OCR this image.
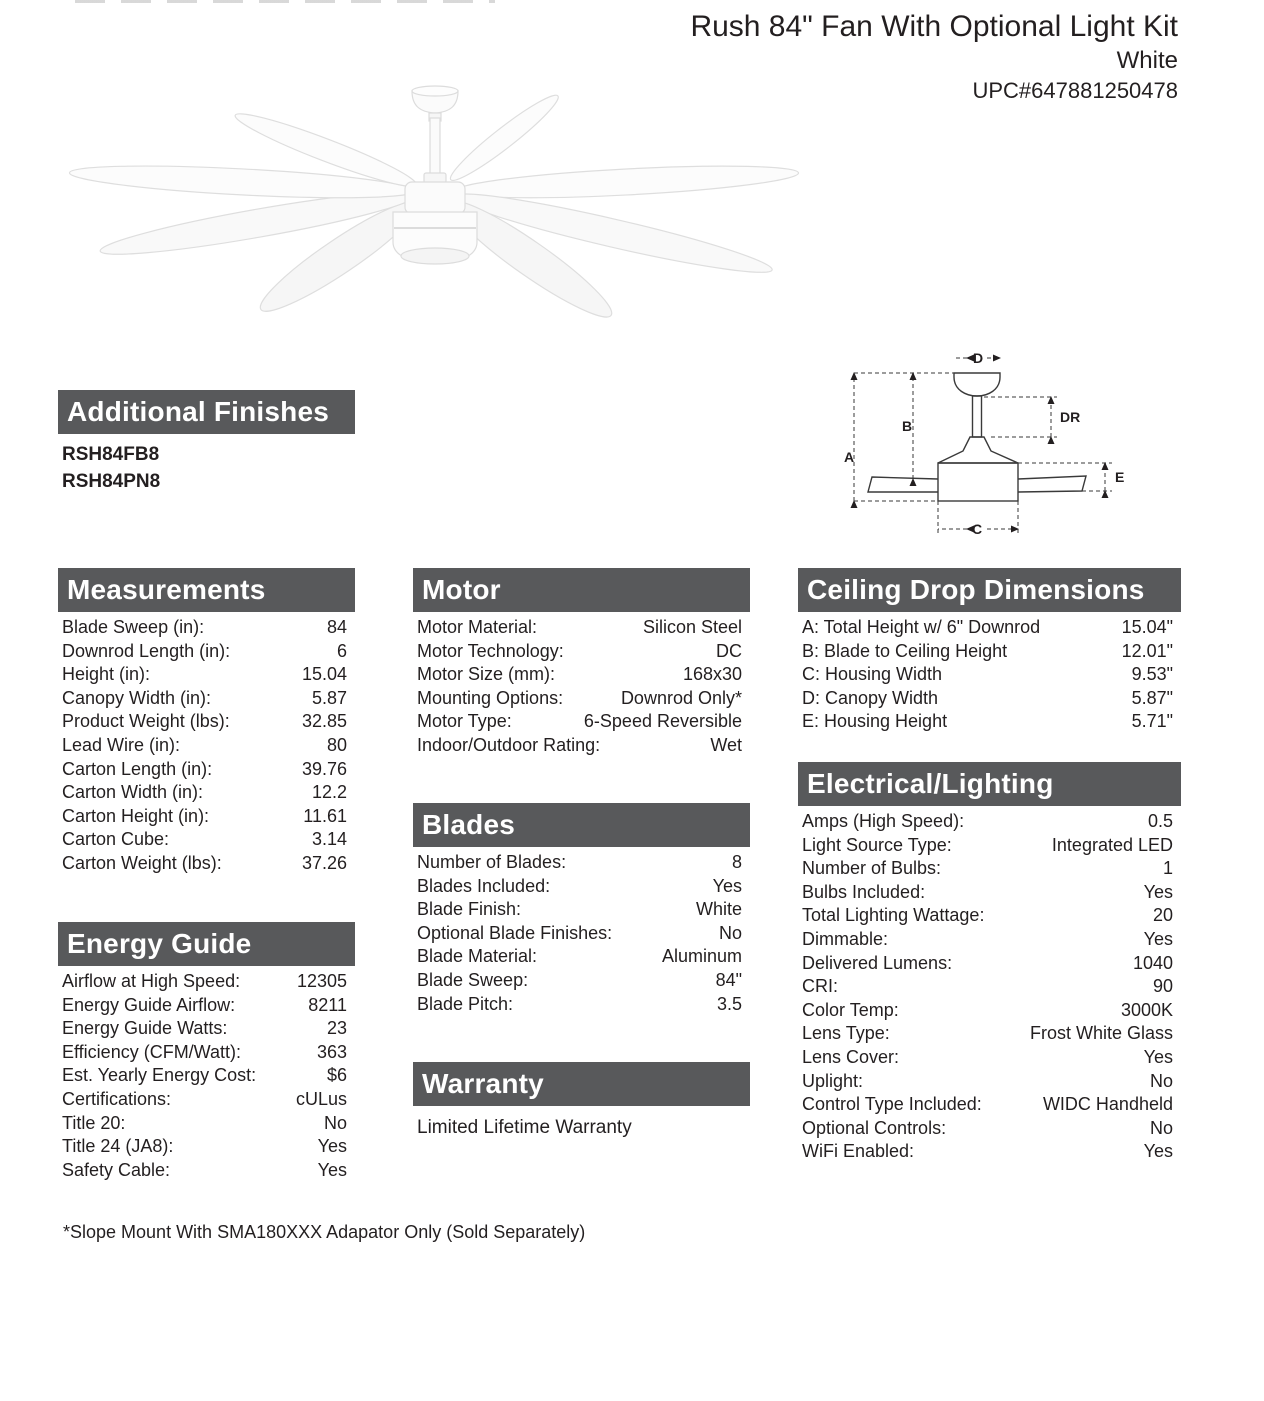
Rush 84" Fan With Optional Light Kit
White
UPC#647881250478
D
A
B
DR
E
C
Additional Finishes
RSH84FB8
RSH84PN8
Measurements
Blade Sweep (in):	84
Downrod Length (in):	6
Height (in):	15.04
Canopy Width (in):	5.87
Product Weight (lbs):	32.85
Lead Wire (in):	80
Carton Length (in):	39.76
Carton Width (in):	12.2
Carton Height (in):	11.61
Carton Cube:	3.14
Carton Weight (lbs):	37.26
Energy Guide
Airflow at High Speed:	12305
Energy Guide Airflow:	8211
Energy Guide Watts:	23
Efficiency (CFM/Watt):	363
Est. Yearly Energy Cost:	$6
Certifications:	cULus
Title 20:	No
Title 24 (JA8):	Yes
Safety Cable:	Yes
Motor
Motor Material:	Silicon Steel
Motor Technology:	DC
Motor Size (mm):	168x30
Mounting Options:	Downrod Only*
Motor Type:	6-Speed Reversible
Indoor/Outdoor Rating:	Wet
Blades
Number of Blades:	8
Blades Included:	Yes
Blade Finish:	White
Optional Blade Finishes:	No
Blade Material:	Aluminum
Blade Sweep:	84"
Blade Pitch:	3.5
Warranty
Limited Lifetime Warranty
Ceiling Drop Dimensions
A: Total Height w/ 6" Downrod	15.04"
B: Blade to Ceiling Height	12.01"
C: Housing Width	9.53"
D: Canopy Width	5.87"
E: Housing Height	5.71"
Electrical/Lighting
Amps (High Speed):	0.5
Light Source Type:	Integrated LED
Number of Bulbs:	1
Bulbs Included:	Yes
Total Lighting Wattage:	20
Dimmable:	Yes
Delivered Lumens:	1040
CRI:	90
Color Temp:	3000K
Lens Type:	Frost White Glass
Lens Cover:	Yes
Uplight:	No
Control Type Included:	WIDC Handheld
Optional Controls:	No
WiFi Enabled:	Yes
*Slope Mount With SMA180XXX Adapator Only (Sold Separately)
